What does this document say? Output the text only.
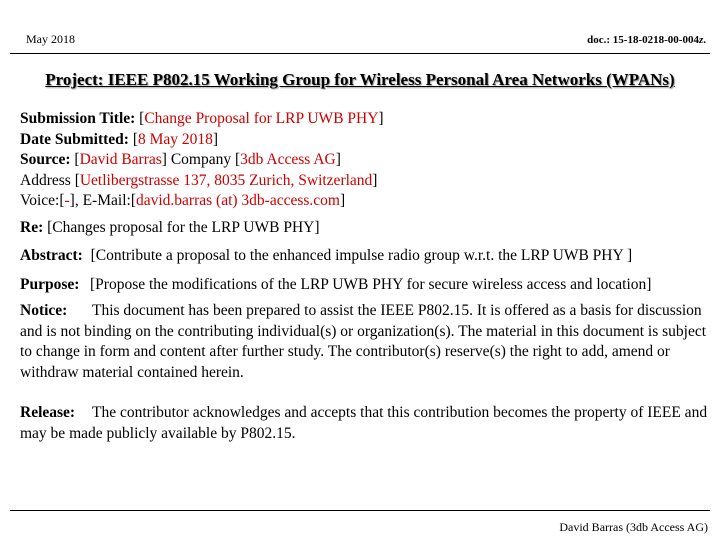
May 2018	doc.: 15-18-0218-00-004z.
Project: IEEE P802.15 Working Group for Wireless Personal Area Networks (WPANs)

Submission Title: [Change Proposal for LRP UWB PHY]

Date Submitted: [8 May 2018]

Source: [David Barras] Company [3db Access AG]

Address [Uetlibergstrasse 137, 8035 Zurich, Switzerland]

Voice:[-], E-Mail:[david.barras (at) 3db-access.com]

Re: [Changes proposal for the LRP UWB PHY]

Abstract: [Contribute a proposal to the enhanced impulse radio group w.r.t. the LRP UWB PHY ]

Purpose: [Propose the modifications of the LRP UWB PHY for secure wireless access and location]

Notice: This document has been prepared to assist the IEEE P802.15. It is offered as a basis for discussion and is not binding on the contributing individual(s) or organization(s). The material in this document is subject to change in form and content after further study. The contributor(s) reserve(s) the right to add, amend or withdraw material contained herein.

Release: The contributor acknowledges and accepts that this contribution becomes the property of IEEE and may be made publicly available by P802.15.

David Barras (3db Access AG)
